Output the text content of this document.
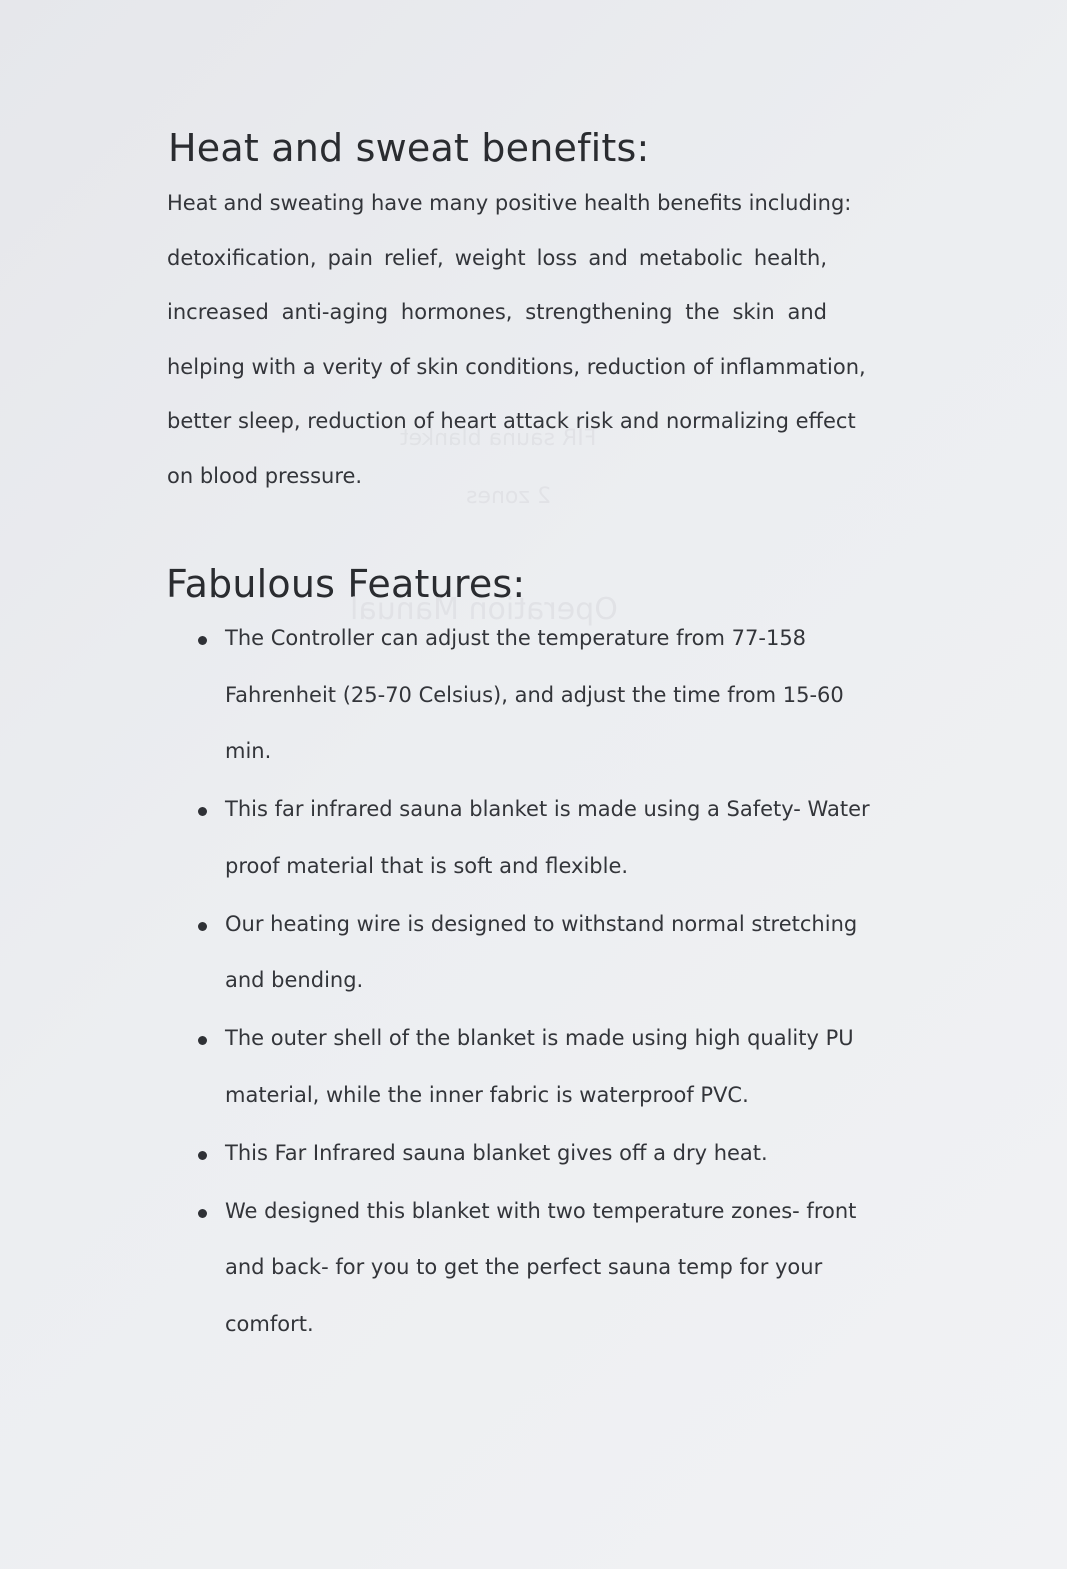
Heat and sweat benefits:
Heat and sweating have many positive health benefits including:
detoxification, pain relief, weight loss and metabolic health,
increased anti-aging hormones, strengthening the skin and
helping with a verity of skin conditions, reduction of inflammation,
better sleep, reduction of heart attack risk and normalizing effect
on blood pressure.
Fabulous Features:
The Controller can adjust the temperature from 77-158
Fahrenheit (25-70 Celsius), and adjust the time from 15-60
min.
This far infrared sauna blanket is made using a Safety- Water
proof material that is soft and flexible.
Our heating wire is designed to withstand normal stretching
and bending.
The outer shell of the blanket is made using high quality PU
material, while the inner fabric is waterproof PVC.
This Far Infrared sauna blanket gives off a dry heat.
We designed this blanket with two temperature zones- front
and back- for you to get the perfect sauna temp for your
comfort.
FIR sauna blanket
2 zones
Operation Manual
